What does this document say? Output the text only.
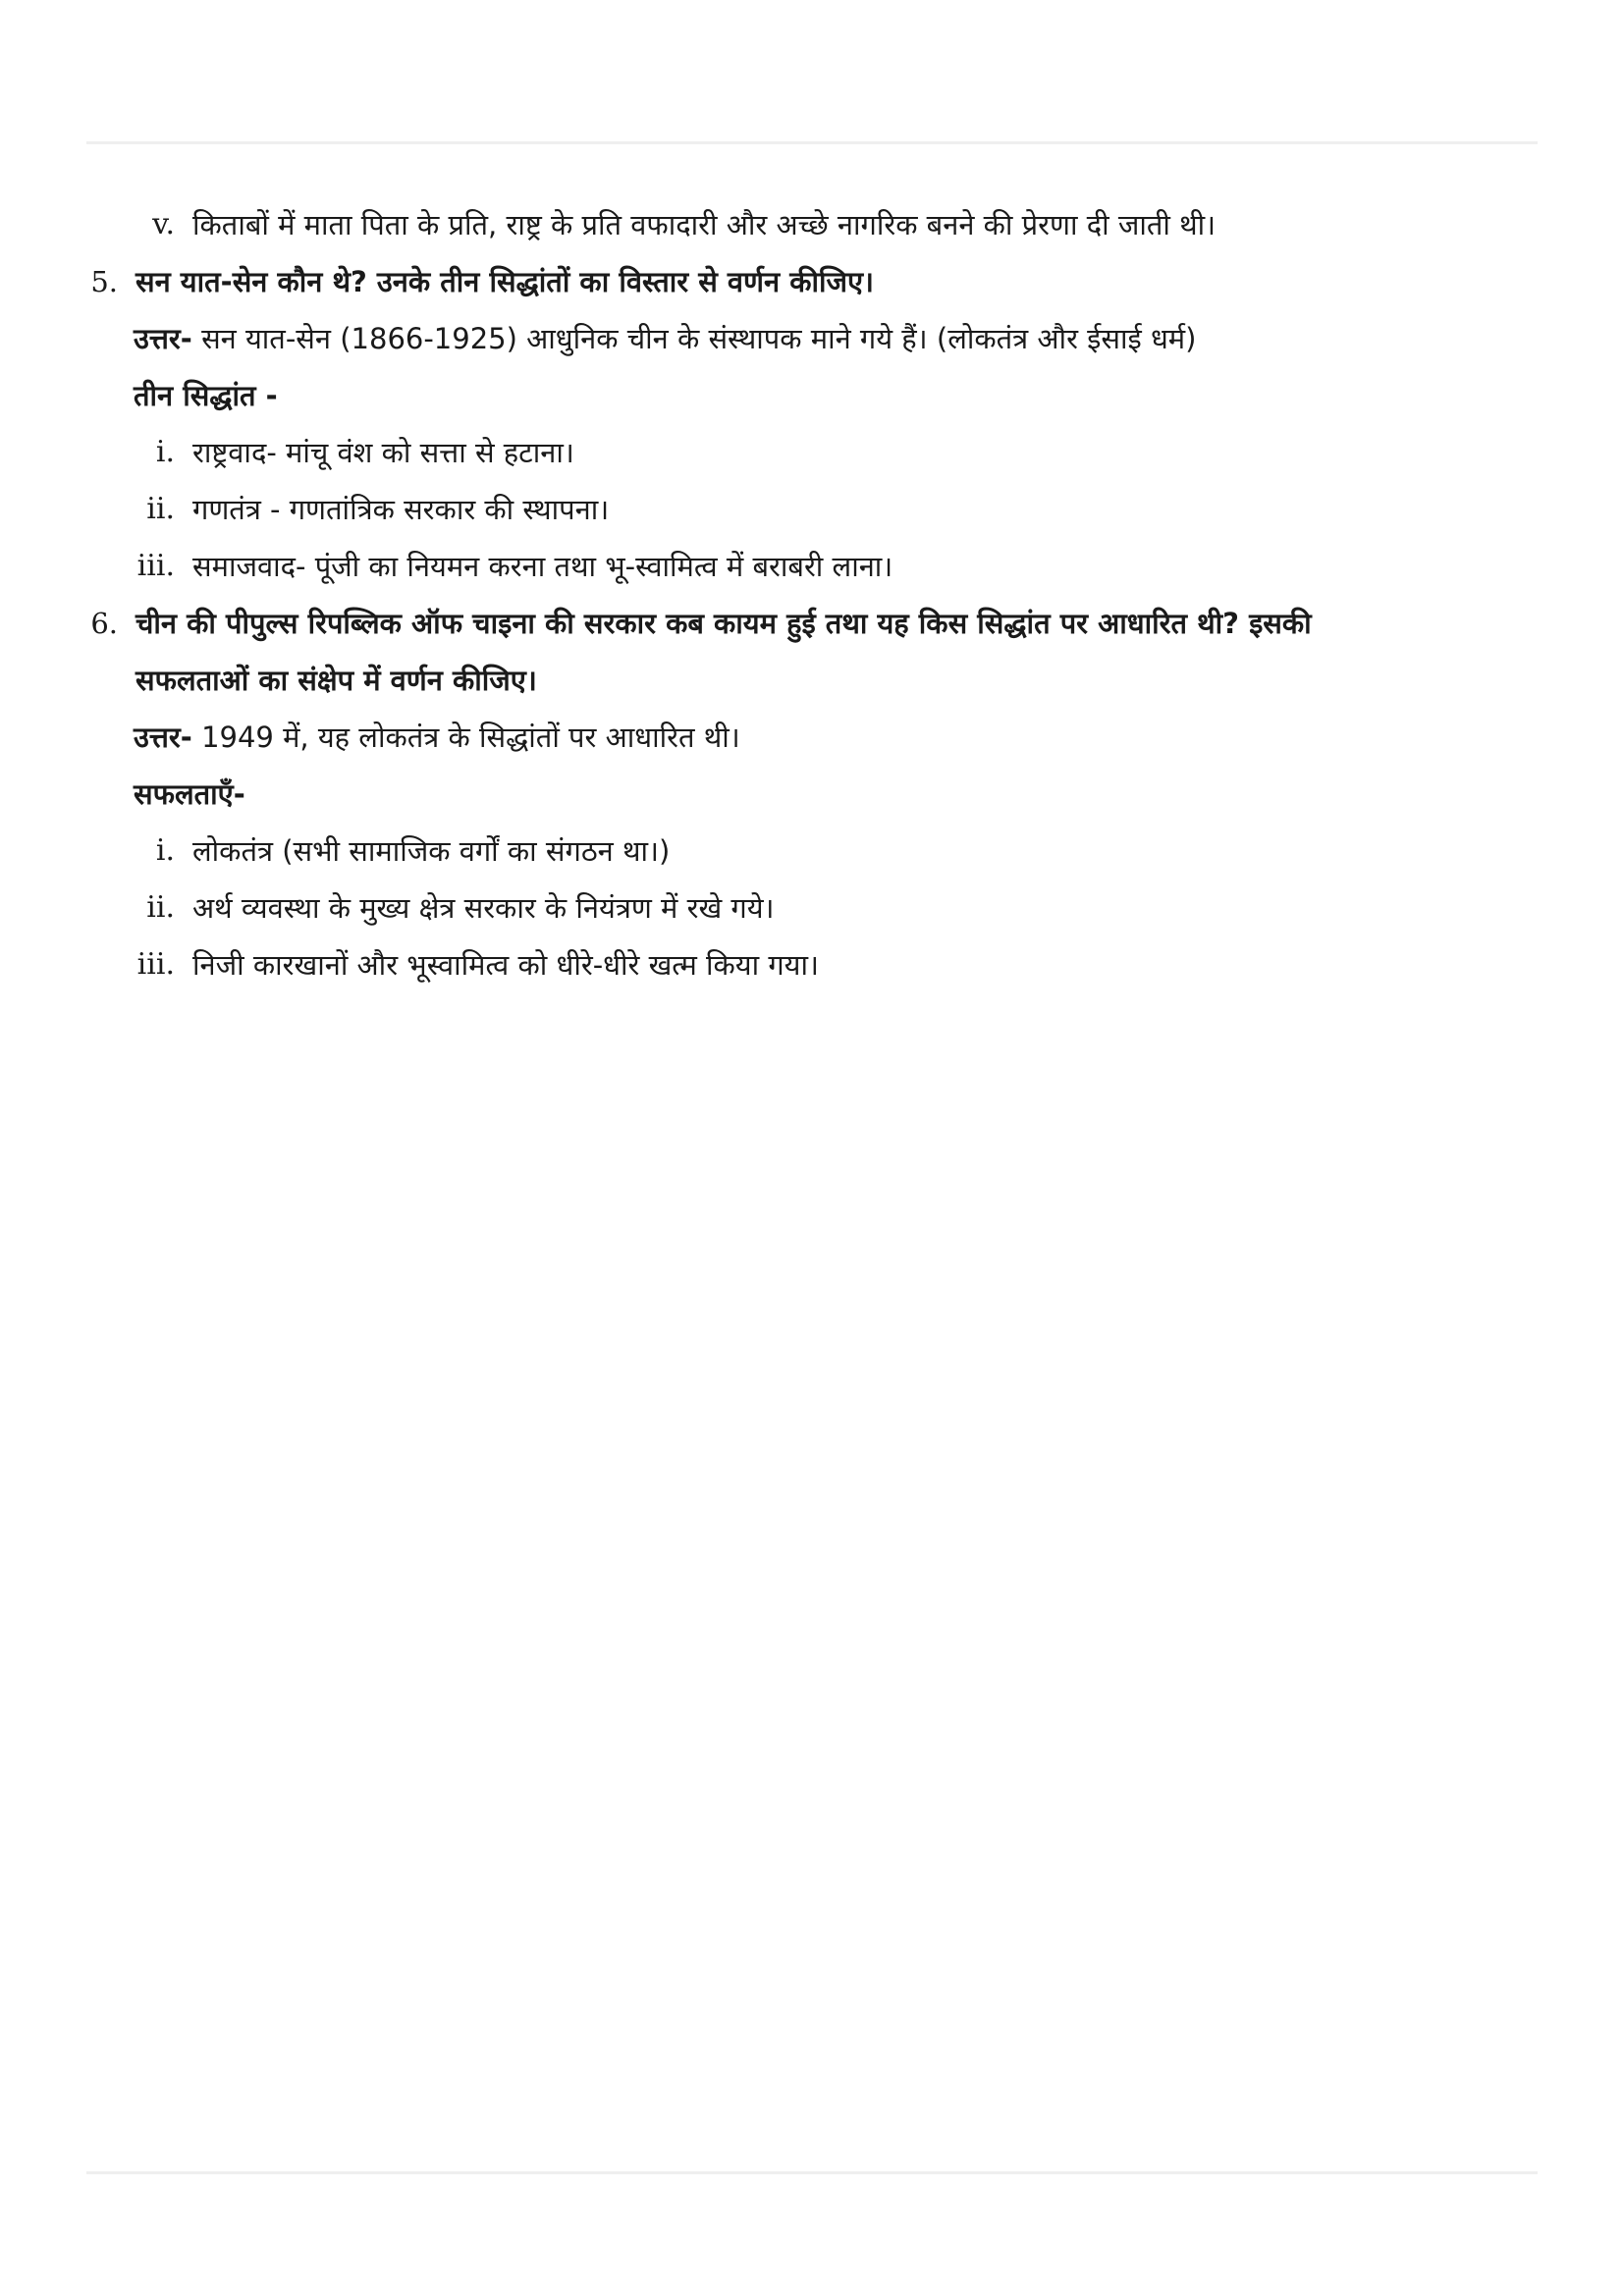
v. किताबों में माता पिता के प्रति, राष्ट्र के प्रति वफादारी और अच्छे नागरिक बनने की प्रेरणा दी जाती थी।
5. सन यात-सेन कौन थे? उनके तीन सिद्धांतों का विस्तार से वर्णन कीजिए।
उत्तर- सन यात-सेन (1866-1925) आधुनिक चीन के संस्थापक माने गये हैं। (लोकतंत्र और ईसाई धर्म)
तीन सिद्धांत -
i. राष्ट्रवाद- मांचू वंश को सत्ता से हटाना।
ii. गणतंत्र - गणतांत्रिक सरकार की स्थापना।
iii. समाजवाद- पूंजी का नियमन करना तथा भू-स्वामित्व में बराबरी लाना।
6. चीन की पीपुल्स रिपब्लिक ऑफ चाइना की सरकार कब कायम हुई तथा यह किस सिद्धांत पर आधारित थी? इसकी
सफलताओं का संक्षेप में वर्णन कीजिए।
उत्तर- 1949 में, यह लोकतंत्र के सिद्धांतों पर आधारित थी।
सफलताएँ-
i. लोकतंत्र (सभी सामाजिक वर्गों का संगठन था।)
ii. अर्थ व्यवस्था के मुख्य क्षेत्र सरकार के नियंत्रण में रखे गये।
iii. निजी कारखानों और भूस्वामित्व को धीरे-धीरे खत्म किया गया।
